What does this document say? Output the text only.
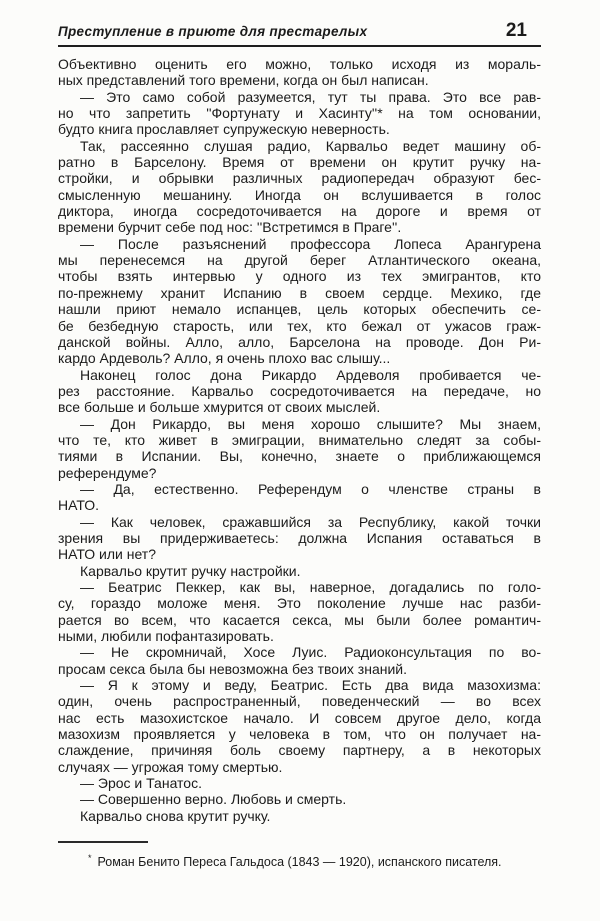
Преступление в приюте для престарелых	21
Объективно оценить его можно, только исходя из мораль-
ных представлений того времени, когда он был написан.
— Это само собой разумеется, тут ты права. Это все рав-
но что запретить ''Фортунату и Хасинту''* на том основании,
будто книга прославляет супружескую неверность.
Так, рассеянно слушая радио, Карвальо ведет машину об-
ратно в Барселону. Время от времени он крутит ручку на-
стройки, и обрывки различных радиопередач образуют бес-
смысленную мешанину. Иногда он вслушивается в голос
диктора, иногда сосредоточивается на дороге и время от
времени бурчит себе под нос: ''Встретимся в Праге''.
— После разъяснений профессора Лопеса Арангурена
мы перенесемся на другой берег Атлантического океана,
чтобы взять интервью у одного из тех эмигрантов, кто
по-прежнему хранит Испанию в своем сердце. Мехико, где
нашли приют немало испанцев, цель которых обеспечить се-
бе безбедную старость, или тех, кто бежал от ужасов граж-
данской войны. Алло, алло, Барселона на проводе. Дон Ри-
кардо Ардеволь? Алло, я очень плохо вас слышу...
Наконец голос дона Рикардо Ардеволя пробивается че-
рез расстояние. Карвальо сосредоточивается на передаче, но
все больше и больше хмурится от своих мыслей.
— Дон Рикардо, вы меня хорошо слышите? Мы знаем,
что те, кто живет в эмиграции, внимательно следят за собы-
тиями в Испании. Вы, конечно, знаете о приближающемся
референдуме?
— Да, естественно. Референдум о членстве страны в
НАТО.
— Как человек, сражавшийся за Республику, какой точки
зрения вы придерживаетесь: должна Испания оставаться в
НАТО или нет?
Карвальо крутит ручку настройки.
— Беатрис Пеккер, как вы, наверное, догадались по голо-
су, гораздо моложе меня. Это поколение лучше нас разби-
рается во всем, что касается секса, мы были более романтич-
ными, любили пофантазировать.
— Не скромничай, Хосе Луис. Радиоконсультация по во-
просам секса была бы невозможна без твоих знаний.
— Я к этому и веду, Беатрис. Есть два вида мазохизма:
один, очень распространенный, поведенческий — во всех
нас есть мазохистское начало. И совсем другое дело, когда
мазохизм проявляется у человека в том, что он получает на-
слаждение, причиняя боль своему партнеру, а в некоторых
случаях — угрожая тому смертью.
— Эрос и Танатос.
— Совершенно верно. Любовь и смерть.
Карвальо снова крутит ручку.
* Роман Бенито Переса Гальдоса (1843 — 1920), испанского писателя.
